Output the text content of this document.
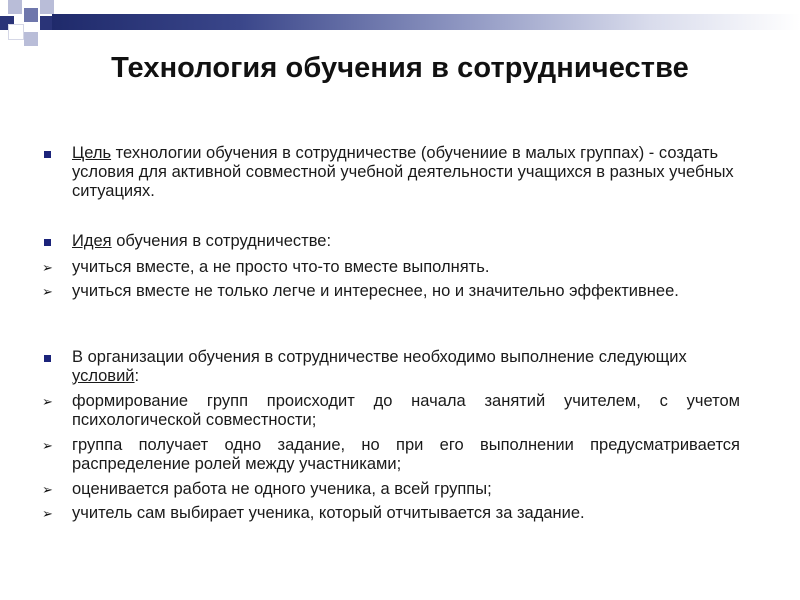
Технология обучения в сотрудничестве
Цель технологии обучения в сотрудничестве (обучениие в малых группах) - создать условия для активной совместной учебной деятельности учащихся в разных учебных ситуациях.
Идея обучения в сотрудничестве:
➢ учиться вместе, а не просто что-то вместе выполнять.
➢ учиться вместе не только легче и интереснее, но и значительно эффективнее.
В организации обучения в сотрудничестве необходимо выполнение следующих условий:
➢ формирование групп происходит до начала занятий учителем, с учетом психологической совместности;
➢ группа получает одно задание, но при его выполнении предусматривается распределение ролей между участниками;
➢ оценивается работа не одного ученика, а всей группы;
➢ учитель сам выбирает ученика, который отчитывается за задание.
